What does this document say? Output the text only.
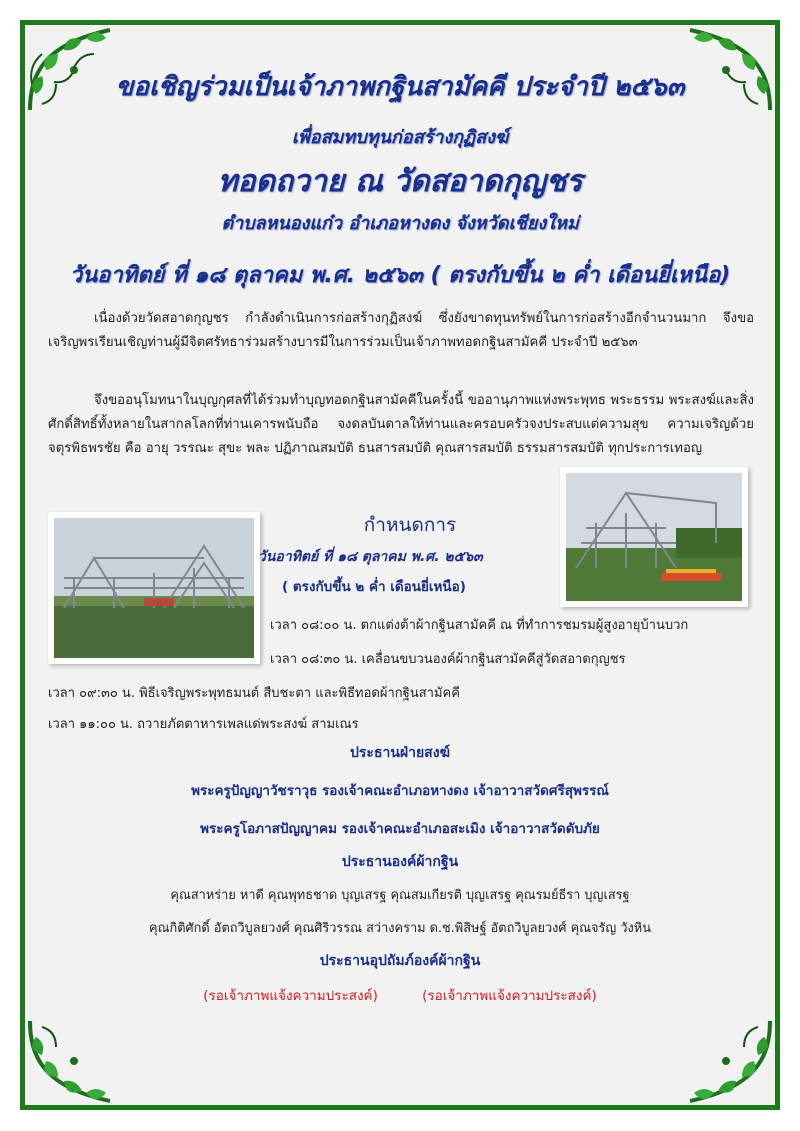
ขอเชิญร่วมเป็นเจ้าภาพกฐินสามัคคี ประจำปี ๒๕๖๓
เพื่อสมทบทุนก่อสร้างกุฏิสงฆ์
ทอดถวาย ณ วัดสอาดกุญชร
ตำบลหนองแก๋ว อำเภอหางดง จังหวัดเชียงใหม่
วันอาทิตย์ ที่ ๑๘ ตุลาคม พ.ศ. ๒๕๖๓ ( ตรงกับขึ้น ๒ ค่ำ เดือนยี่เหนือ)
เนื่องด้วยวัดสอาดกุญชร กำลังดำเนินการก่อสร้างกุฏิสงฆ์ ซึ่งยังขาดทุนทรัพย์ในการก่อสร้างอีกจำนวนมาก จึงขอเจริญพรเรียนเชิญท่านผู้มีจิตศรัทธาร่วมสร้างบารมีในการร่วมเป็นเจ้าภาพทอดกฐินสามัคคี ประจำปี ๒๕๖๓
จึงขออนุโมทนาในบุญกุศลที่ได้ร่วมทำบุญทอดกฐินสามัคคีในครั้งนี้ ขออานุภาพแห่งพระพุทธ พระธรรม พระสงฆ์และสิ่งศักดิ์สิทธิ์ทั้งหลายในสากลโลกที่ท่านเคารพนับถือ จงดลบันดาลให้ท่านและครอบครัวจงประสบแต่ความสุข ความเจริญด้วยจตุรพิธพรชัย คือ อายุ วรรณะ สุขะ พละ ปฏิภาณสมบัติ ธนสารสมบัติ คุณสารสมบัติ ธรรมสารสมบัติ ทุกประการเทอญ
กำหนดการ
วันอาทิตย์ ที่ ๑๘ ตุลาคม พ.ศ. ๒๕๖๓
( ตรงกับขึ้น ๒ ค่ำ เดือนยี่เหนือ)
เวลา ๐๘:๐๐ น. ตกแต่งต้าผ้ากฐินสามัคคี ณ ที่ทำการชมรมผู้สูงอายุบ้านบวก
เวลา ๐๘:๓๐ น. เคลื่อนขบวนองค์ผ้ากฐินสามัคคีสู่วัดสอาดกุญชร
เวลา ๐๙:๓๐ น. พิธีเจริญพระพุทธมนต์ สืบชะตา และพิธีทอดผ้ากฐินสามัคคี
เวลา ๑๑:๐๐ น. ถวายภัตตาหารเพลแด่พระสงฆ์ สามเณร
ประธานฝ่ายสงฆ์
พระครูปัญญาวัชราวุธ รองเจ้าคณะอำเภอหางดง เจ้าอาวาสวัดศรีสุพรรณ์
พระครูโอภาสปัญญาคม รองเจ้าคณะอำเภอสะเมิง เจ้าอาวาสวัดดับภัย
ประธานองค์ผ้ากฐิน
คุณสาหร่าย หาดี คุณพุทธชาด บุญเสรฐ คุณสมเกียรติ บุญเสรฐ คุณรมย์ธีรา บุญเสรฐ
คุณกิติศักดิ์ อัตถวิบูลยวงศ์ คุณศิริวรรณ สว่างคราม ด.ช.พิสิษฐ์ อัตถวิบูลยวงศ์ คุณจรัญ วังหิน
ประธานอุปถัมภ์องค์ผ้ากฐิน
(รอเจ้าภาพแจ้งความประสงค์)	(รอเจ้าภาพแจ้งความประสงค์)
